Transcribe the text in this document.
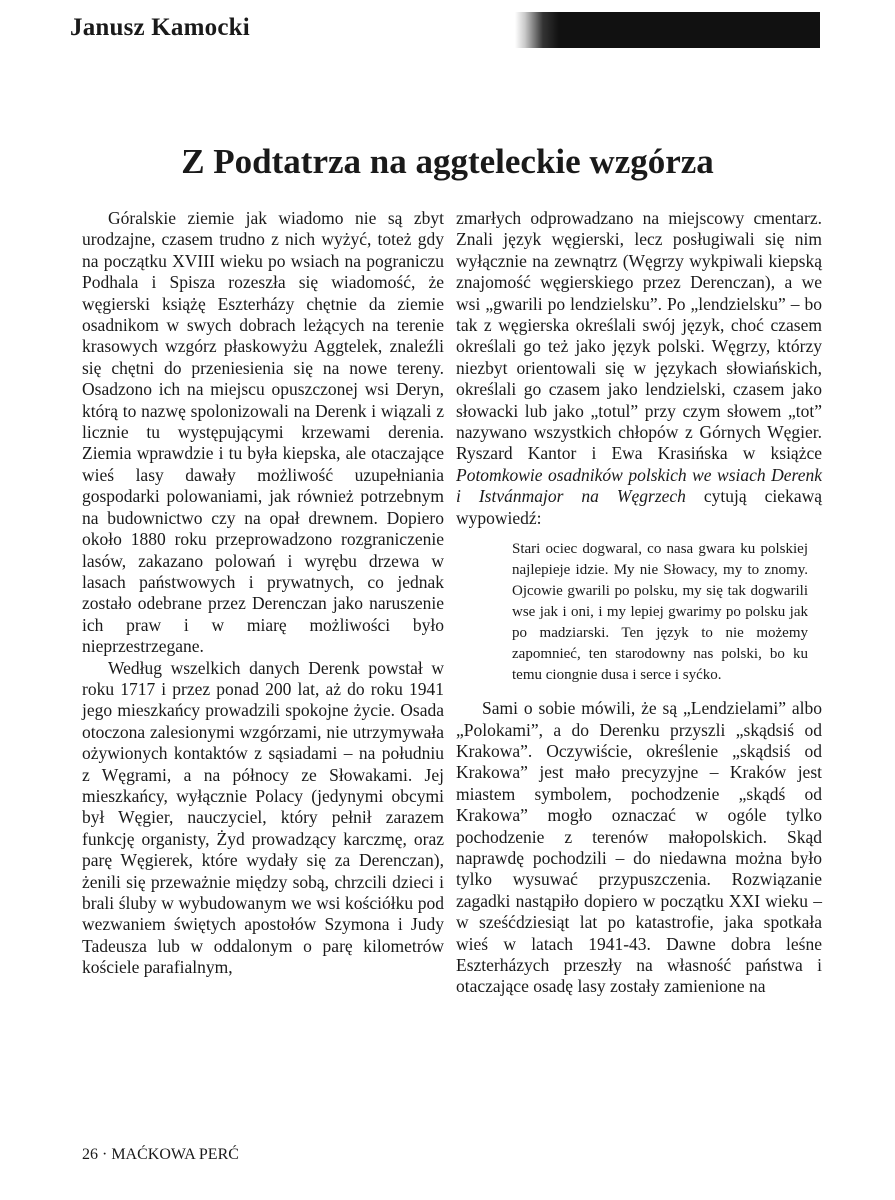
Janusz Kamocki
Z Podtatrza na aggteleckie wzgórza

Góralskie ziemie jak wiadomo nie są zbyt urodzajne, czasem trudno z nich wyżyć, toteż gdy na początku XVIII wieku po wsiach na pograniczu Podhala i Spisza rozeszła się wiadomość, że węgierski książę Eszterházy chętnie da ziemie osadnikom w swych dobrach leżących na terenie krasowych wzgórz płaskowyżu Aggtelek, znaleźli się chętni do przeniesienia się na nowe tereny. Osadzono ich na miejscu opuszczonej wsi Deryn, którą to nazwę spolonizowali na Derenk i wiązali z liczniе tu występującymi krzewami derenia. Ziemia wprawdzie i tu była kiepska, ale otaczające wieś lasy dawały możliwość uzupełniania gospodarki polowaniami, jak również potrzebnym na budownictwo czy na opał drewnem. Dopiero około 1880 roku przeprowadzono rozgraniczenie lasów, zakazano polowań i wyrębu drzewa w lasach państwowych i prywatnych, co jednak zostało odebrane przez Derenczan jako naruszenie ich praw i w miarę możliwości było nieprzestrzegane.

Według wszelkich danych Derenk powstał w roku 1717 i przez ponad 200 lat, aż do roku 1941 jego mieszkańcy prowadzili spokojne życie. Osada otoczona zalesionymi wzgórzami, nie utrzymywała ożywionych kontaktów z sąsiadami – na południu z Węgrami, a na północy ze Słowakami. Jej mieszkańcy, wyłącznie Polacy (jedynymi obcymi był Węgier, nauczyciel, który pełnił zarazem funkcję organisty, Żyd prowadzący karczmę, oraz parę Węgierek, które wydały się za Derenczan), żenili się przeważnie między sobą, chrzcili dzieci i brali śluby w wybudowanym we wsi kościółku pod wezwaniem świętych apostołów Szymona i Judy Tadeusza lub w oddalonym o parę kilometrów kościele parafialnym,

zmarłych odprowadzano na miejscowy cmentarz. Znali język węgierski, lecz posługiwali się nim wyłącznie na zewnątrz (Węgrzy wykpiwali kiepską znajomość węgierskiego przez Derenczan), a we wsi „gwarili po lendzielsku”. Po „lendzielsku” – bo tak z węgierska określali swój język, choć czasem określali go też jako język polski. Węgrzy, którzy niezbyt orientowali się w językach słowiańskich, określali go czasem jako lendzielski, czasem jako słowacki lub jako „totul” przy czym słowem „tot” nazywano wszystkich chłopów z Górnych Węgier. Ryszard Kantor i Ewa Krasińska w książce Potomkowie osadników polskich we wsiach Derenk i Istvánmajor na Węgrzech cytują ciekawą wypowiedź:

Stari ociec dogwaral, co nasa gwara ku polskiej najlepieje idzie. My nie Słowacy, my to znomy. Ojcowie gwarili po polsku, my się tak dogwarili wsе jak i oni, i my lepiej gwarimy po polsku jak po madziarski. Ten język to nie możemy zapomnieć, ten starodowny nas polski, bo ku temu ciongnie dusa i serce i syćko.

Sami o sobie mówili, że są „Lendzielami” albo „Polokami”, a do Derenku przyszli „skądsiś od Krakowa”. Oczywiście, określenie „skądsiś od Krakowa” jest mało precyzyjne – Kraków jest miastem symbolem, pochodzenie „skądś od Krakowa” mogło oznaczać w ogóle tylko pochodzenie z terenów małopolskich. Skąd naprawdę pochodzili – do niedawna można było tylko wysuwać przypuszczenia. Rozwiązanie zagadki nastąpiło dopiero w początku XXI wieku – w sześćdziesiąt lat po katastrofie, jaka spotkała wieś w latach 1941-43. Dawne dobra leśne Eszterházych przeszły na własność państwa i otaczające osadę lasy zostały zamienione na

26 · MAĆKOWA PERĆ
